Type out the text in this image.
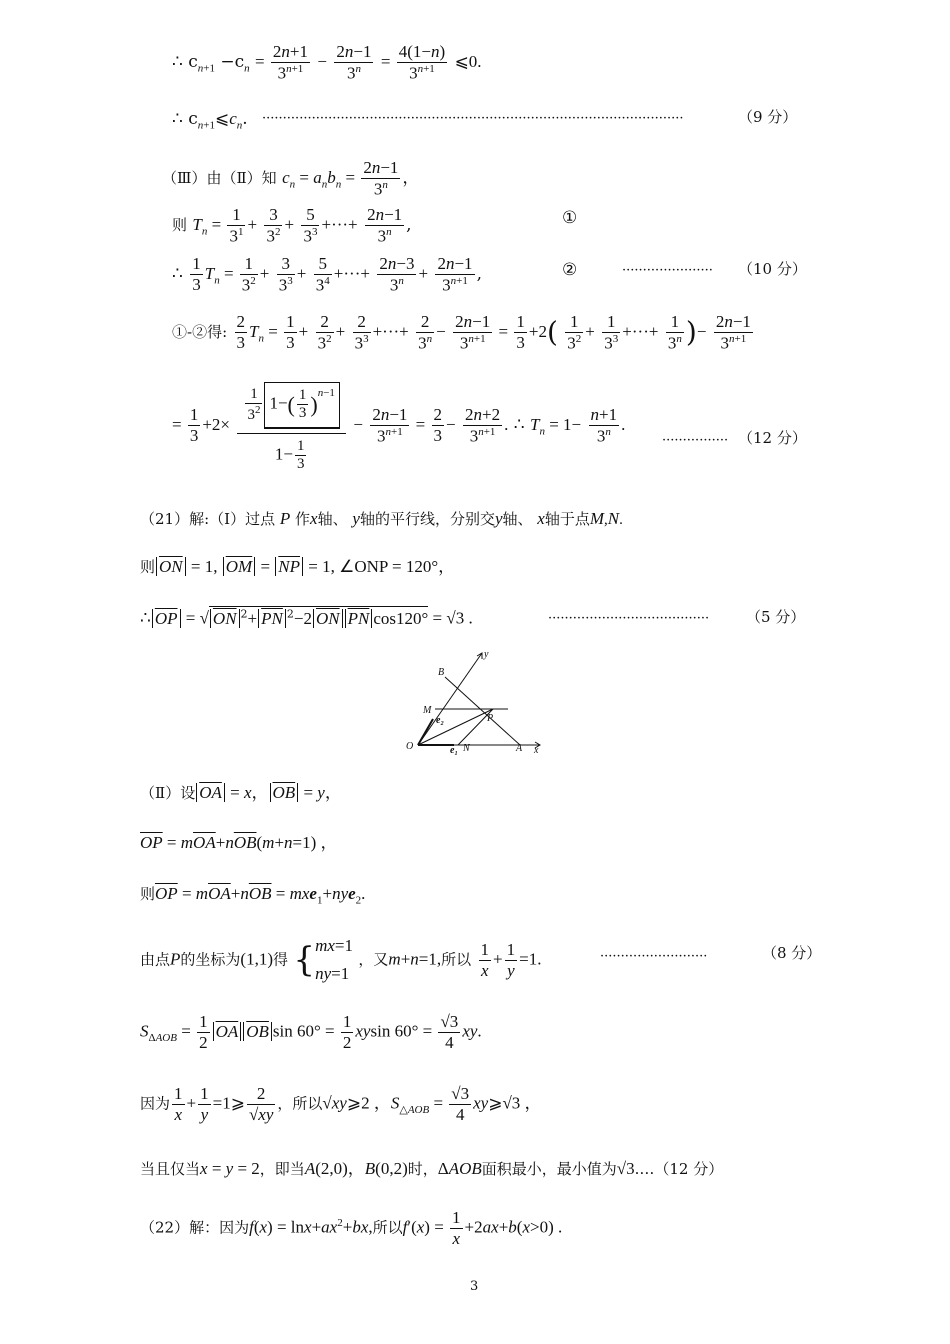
∴ $c_{n+1} -c_n = \frac{2n+1}{3^{n+1}} - \frac{2n-1}{3^n} = \frac{4(1-n)}{3^{n+1}}$ ⩽0.
∴ $c_{n+1}⩽c_n$. ······································································································	（9 分）
（Ⅲ）由（Ⅱ）知 $c_n = a_nb_n = \frac{2n-1}{3^n}$ ，
则 $T_n = \frac{1}{3^1} + \frac{3}{3^2} + \frac{5}{3^3}$ +···+ $\frac{2n-1}{3^n}$ ,	①
∴ $\frac{1}{3} T_n = \frac{1}{3^2} + \frac{3}{3^3} + \frac{5}{3^4}$ +···+ $\frac{2n-3}{3^n} + \frac{2n-1}{3^{n+1}}$ ,	②	······················ （10 分）
①-②得: $\frac{2}{3} T_n = \frac{1}{3} + \frac{2}{3^2} + \frac{2}{3^3}$ +···+ $\frac{2}{3^n} - \frac{2n-1}{3^{n+1}} = \frac{1}{3} +2( \frac{1}{3^2} + \frac{1}{3^3}$ +···+ $\frac{1}{3^n}$ )− $\frac{2n-1}{3^{n+1}}$
= $\frac{1}{3} +2\times \frac{\frac{1}{3^2} 1-( \frac{1}{3} )^{n-1}}{1- \frac{1}{3}} - \frac{2n-1}{3^{n+1}} = \frac{2}{3} - \frac{2n+2}{3^{n+1}}$ . ∴ $T_n = 1- \frac{n+1}{3^n}$ .
················ （12 分）
（21）解:（Ⅰ）过点 P 作x轴、 y轴的平行线，分别交y轴、 x轴于点M,N.
则 $\overline{ON} = 1$, $\overline{OM} = \overline{NP} = 1$, ∠ONP = 120°，
∴ $\overline{OP}$ = √ ON $^2+ \overline{PN}$ $^2$−2 $\overline{ON}$ $\overline{PN}$ cos120° = √3 .	······································· （5 分）
y
B
M
e₂	P
O	e₁ N	A x
（Ⅱ）设 $\overline{OA} = x$， $\overline{OB} = y$，
$\overline{OP} = m\overline{OA}+n\overline{OB}(m+n=1)$ ，
则$\overline{OP} = m\overline{OA}+n\overline{OB} = mxe_1+nye_2$.
由点P的坐标为(1,1)得 {mx=1
ny=1 ，又m+n=1,所以 $\frac{1}{x} + \frac{1}{y} =1$.	··························	（8 分）
$S_{\Delta AOB} = \frac{1}{2} \overline{OA}$ $\overline{OB}$ $\sin 60^\circ = \frac{1}{2}$ xysin $60^\circ = \frac{√3}{4}$ xy.
因为 $\frac{1}{x} + \frac{1}{y}$ =1⩾ $\frac{2}{√xy}$ ，所以√xy⩾2 ，$S_{\triangle AOB} = \frac{√3}{4}$ xy⩾√3 ，
当且仅当x = y = 2，即当A(2,0)，B(0,2)时，ΔAOB面积最小，最小值为√3.…（12 分）
（22）解：因为$f(x) = \ln x+ax^2+bx$,所以$f'(x) = \frac{1}{x} +2ax+b(x>0)$ .
3
